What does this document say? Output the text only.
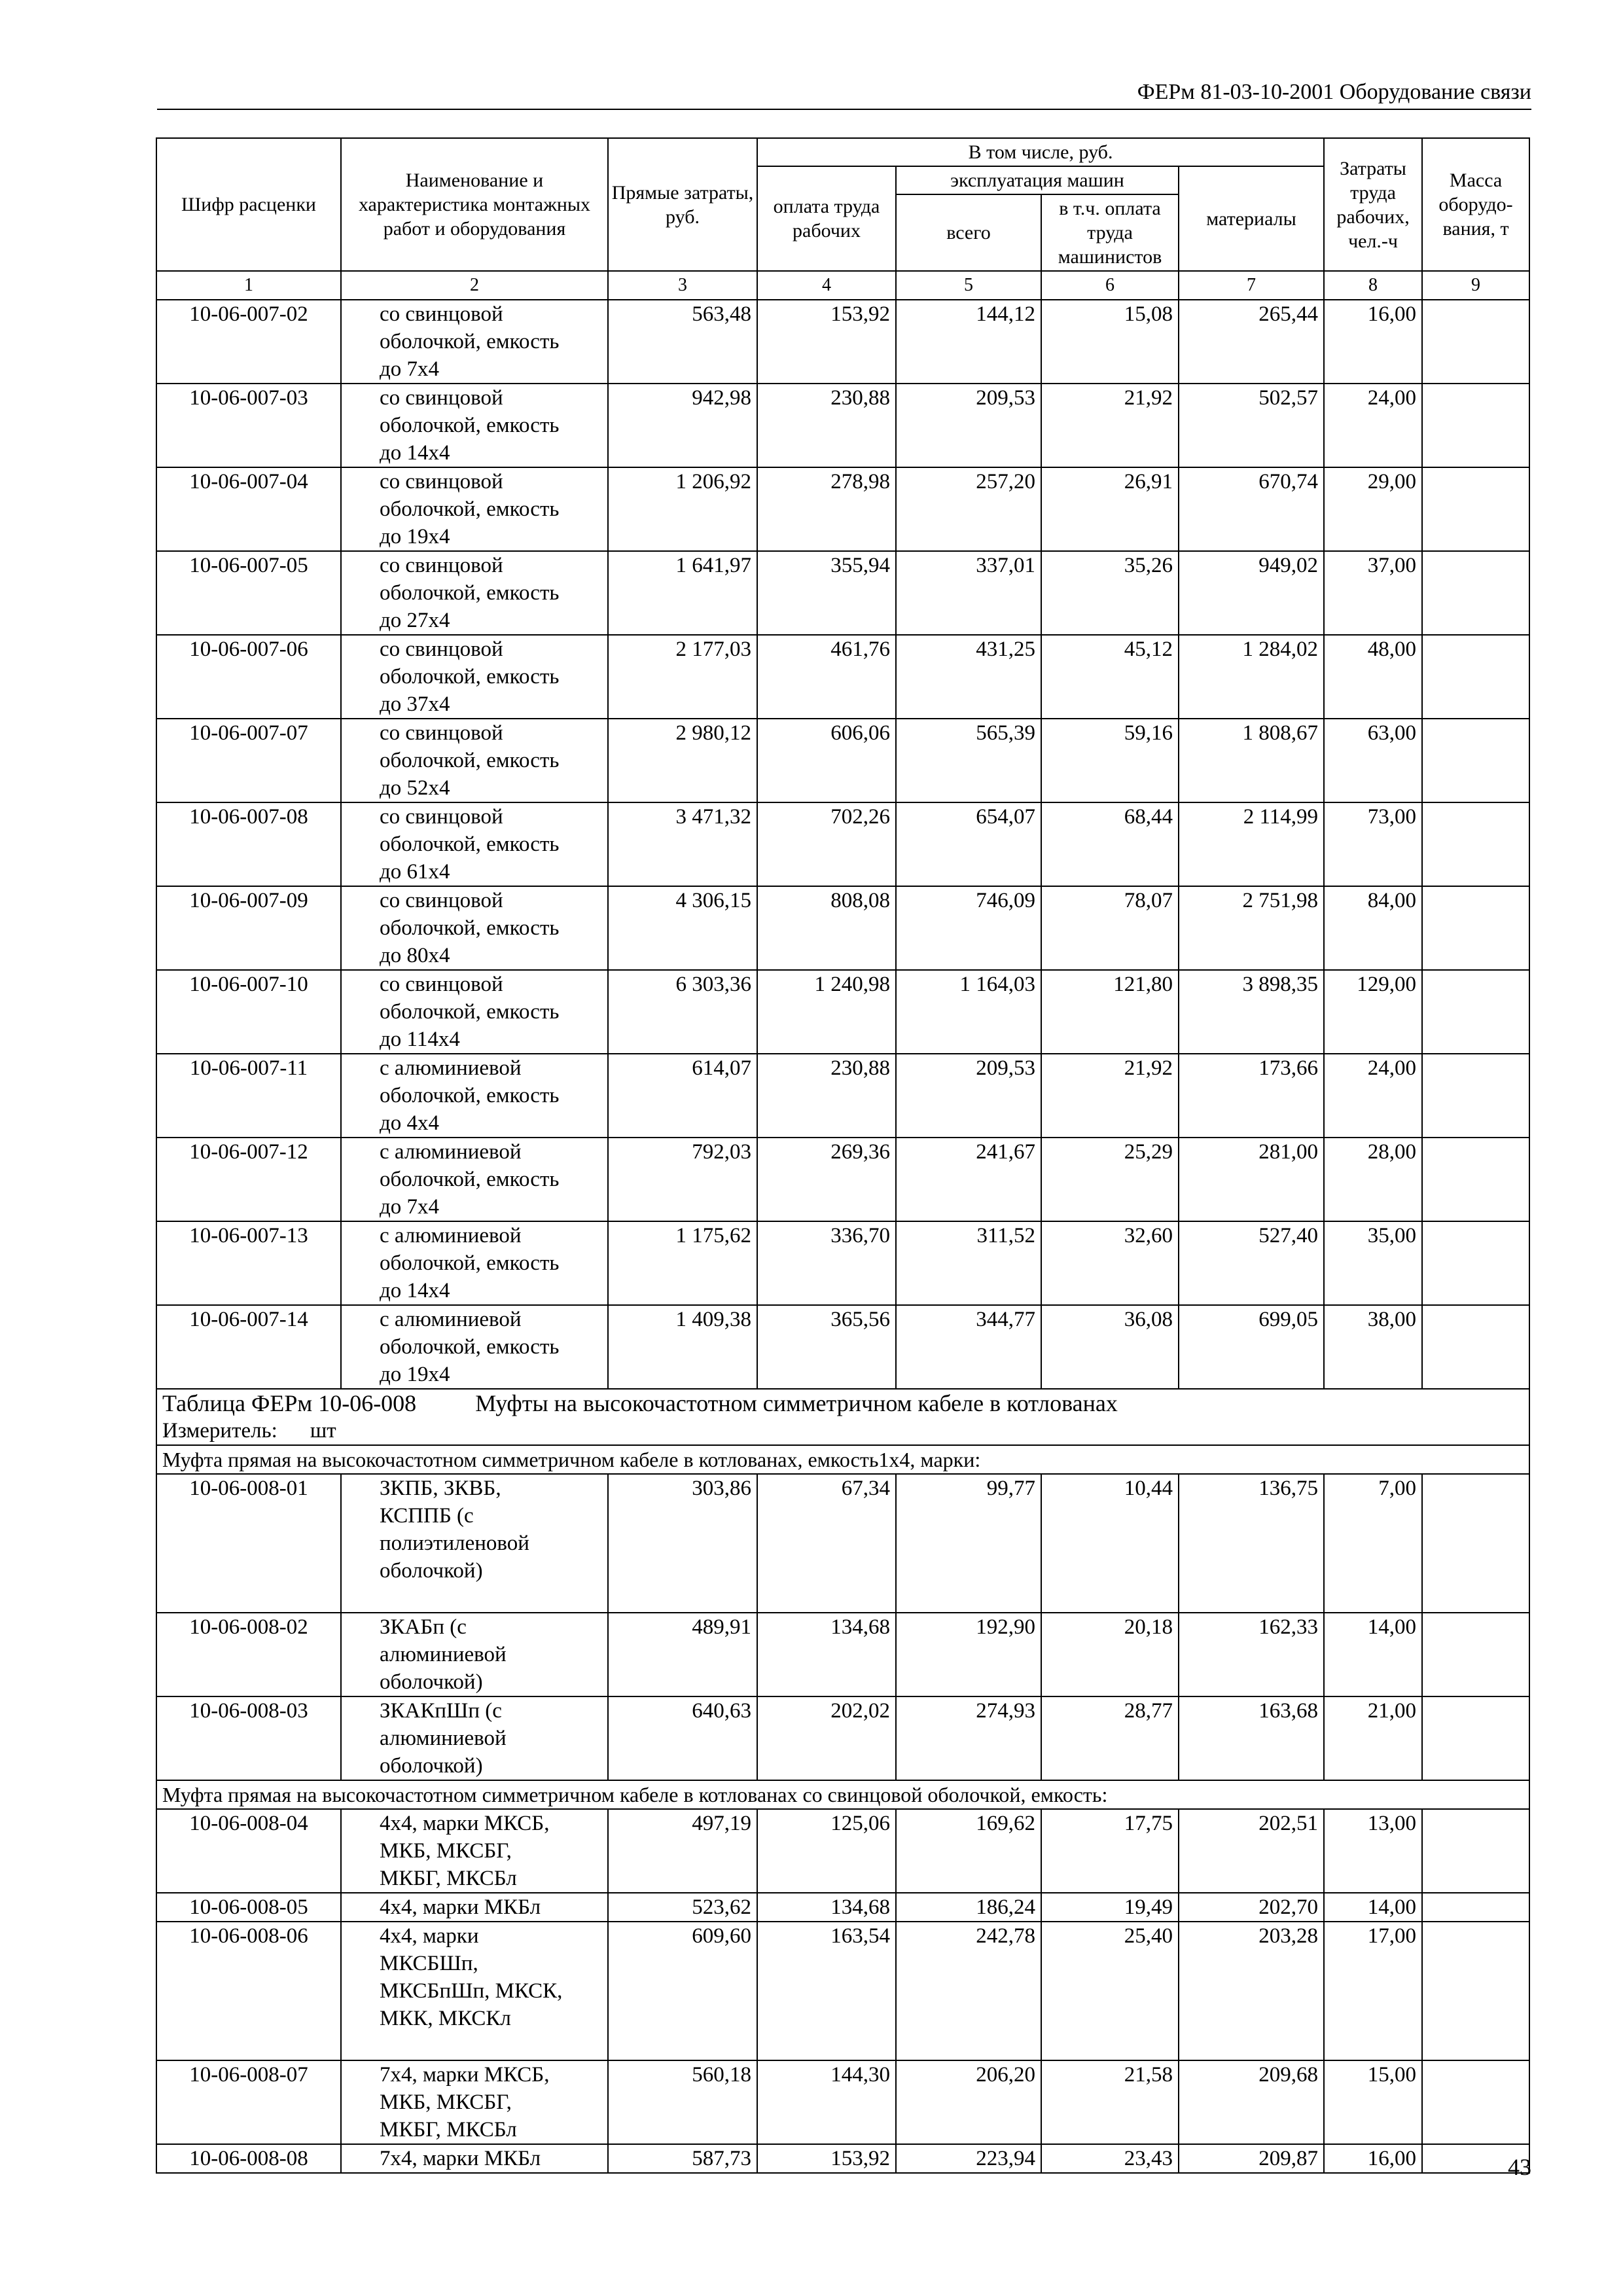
ФЕРм 81-03-10-2001 Оборудование связи
Шифр расценки	Наименование и характеристика монтажных работ и оборудования	Прямые затраты, руб.	В том числе, руб.				Затраты труда рабочих, чел.-ч	Масса оборудо-вания, т
			оплата труда рабочих	эксплуатация машин		материалы		
				всего	в т.ч. оплата труда машинистов			
1	2	3	4	5	6	7	8	9
10-06-007-02	со свинцовой
оболочкой, емкость
до 7х4	563,48	153,92	144,12	15,08	265,44	16,00	
10-06-007-03	со свинцовой
оболочкой, емкость
до 14х4	942,98	230,88	209,53	21,92	502,57	24,00	
10-06-007-04	со свинцовой
оболочкой, емкость
до 19х4	1 206,92	278,98	257,20	26,91	670,74	29,00	
10-06-007-05	со свинцовой
оболочкой, емкость
до 27х4	1 641,97	355,94	337,01	35,26	949,02	37,00	
10-06-007-06	со свинцовой
оболочкой, емкость
до 37х4	2 177,03	461,76	431,25	45,12	1 284,02	48,00	
10-06-007-07	со свинцовой
оболочкой, емкость
до 52х4	2 980,12	606,06	565,39	59,16	1 808,67	63,00	
10-06-007-08	со свинцовой
оболочкой, емкость
до 61х4	3 471,32	702,26	654,07	68,44	2 114,99	73,00	
10-06-007-09	со свинцовой
оболочкой, емкость
до 80х4	4 306,15	808,08	746,09	78,07	2 751,98	84,00	
10-06-007-10	со свинцовой
оболочкой, емкость
до 114х4	6 303,36	1 240,98	1 164,03	121,80	3 898,35	129,00	
10-06-007-11	с алюминиевой
оболочкой, емкость
до 4х4	614,07	230,88	209,53	21,92	173,66	24,00	
10-06-007-12	с алюминиевой
оболочкой, емкость
до 7х4	792,03	269,36	241,67	25,29	281,00	28,00	
10-06-007-13	с алюминиевой
оболочкой, емкость
до 14х4	1 175,62	336,70	311,52	32,60	527,40	35,00	
10-06-007-14	с алюминиевой
оболочкой, емкость
до 19х4	1 409,38	365,56	344,77	36,08	699,05	38,00	
Таблица ФЕРм 10-06-008 Муфты на высокочастотном симметричном кабеле в котлованах								
Измеритель: шт								
Муфта прямая на высокочастотном симметричном кабеле в котлованах, емкость1х4, марки:								
10-06-008-01	ЗКПБ, ЗКВБ,
КСППБ (с
полиэтиленовой
оболочкой)	303,86	67,34	99,77	10,44	136,75	7,00	
10-06-008-02	ЗКАБп (с
алюминиевой
оболочкой)	489,91	134,68	192,90	20,18	162,33	14,00	
10-06-008-03	ЗКАКпШп (с
алюминиевой
оболочкой)	640,63	202,02	274,93	28,77	163,68	21,00	
Муфта прямая на высокочастотном симметричном кабеле в котлованах со свинцовой оболочкой, емкость:								
10-06-008-04	4х4, марки МКСБ,
МКБ, МКСБГ,
МКБГ, МКСБл	497,19	125,06	169,62	17,75	202,51	13,00	
10-06-008-05	4х4, марки МКБл	523,62	134,68	186,24	19,49	202,70	14,00	
10-06-008-06	4х4, марки
МКСБШп,
МКСБпШп, МКСК,
МКК, МКСКл	609,60	163,54	242,78	25,40	203,28	17,00	
10-06-008-07	7х4, марки МКСБ,
МКБ, МКСБГ,
МКБГ, МКСБл	560,18	144,30	206,20	21,58	209,68	15,00	
10-06-008-08	7х4, марки МКБл	587,73	153,92	223,94	23,43	209,87	16,00		43
